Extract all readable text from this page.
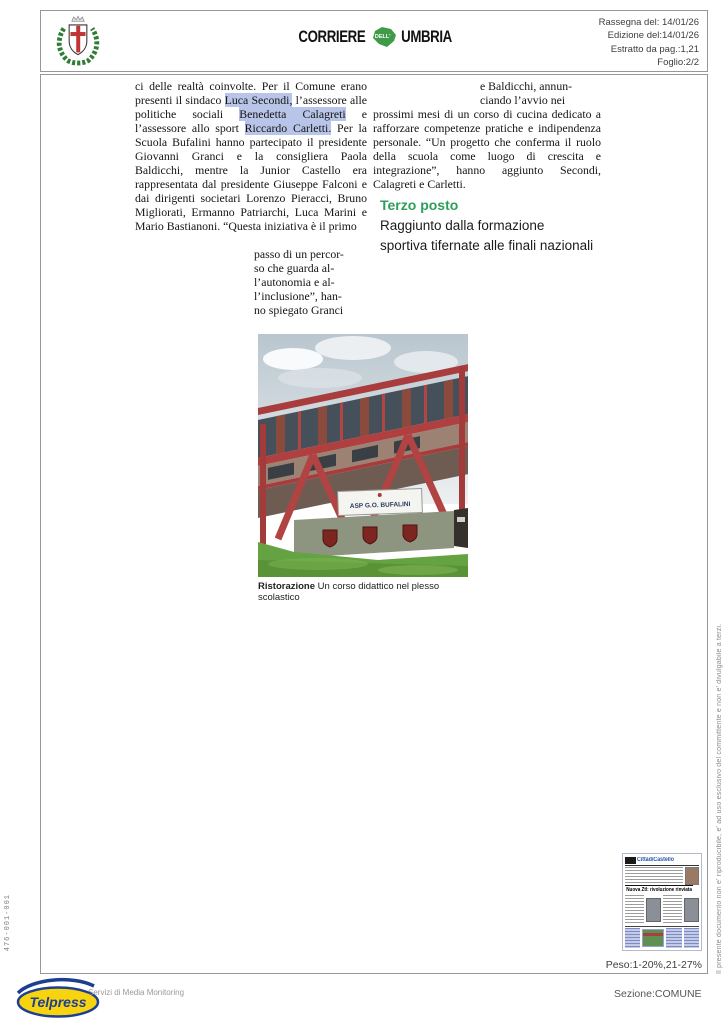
476-001-001	Il presente documento non e' riproducibile, e' ad uso esclusivo del committente e non e' divulgabile a terzi.
CORRIERE DELL' UMBRIA
Rassegna del: 14/01/26
Edizione del:14/01/26
Estratto da pag.:1,21
Foglio:2/2
ci delle realtà coinvolte. Per il Comune erano presenti il sindaco Luca Secondi, l’assessore alle politiche sociali Benedetta Calagreti e l’assessore allo sport Riccardo Carletti. Per la Scuola Bufalini hanno partecipato il presidente Giovanni Granci e la consigliera Paola Baldicchi, mentre la Junior Castello era rappresentata dal presidente Giuseppe Falconi e dai dirigenti societari Lorenzo Pieracci, Bruno Migliorati, Ermanno Patriarchi, Luca Marini e Mario Bastianoni. “Questa iniziativa è il primo
passo di un percor-
so che guarda al-
l’autonomia e al-
l’inclusione”, han-
no spiegato Granci
e Baldicchi, annun-
ciando l’avvio nei
prossimi mesi di un corso di cucina dedicato a rafforzare competenze pratiche e indipendenza personale. “Un progetto che conferma il ruolo della scuola come luogo di crescita e integrazione”, hanno aggiunto Secondi, Calagreti e Carletti.
Terzo posto
Raggiunto dalla formazione
sportiva tifernate alle finali nazionali
ASP G.O. BUFALINI
Ristorazione Un corso didattico nel plesso scolastico
CittàdiCastello
Nuova Ztl: rivoluzione rinviata
Peso:1-20%,21-27%
Telpress
Servizi di Media Monitoring	Sezione:COMUNE
